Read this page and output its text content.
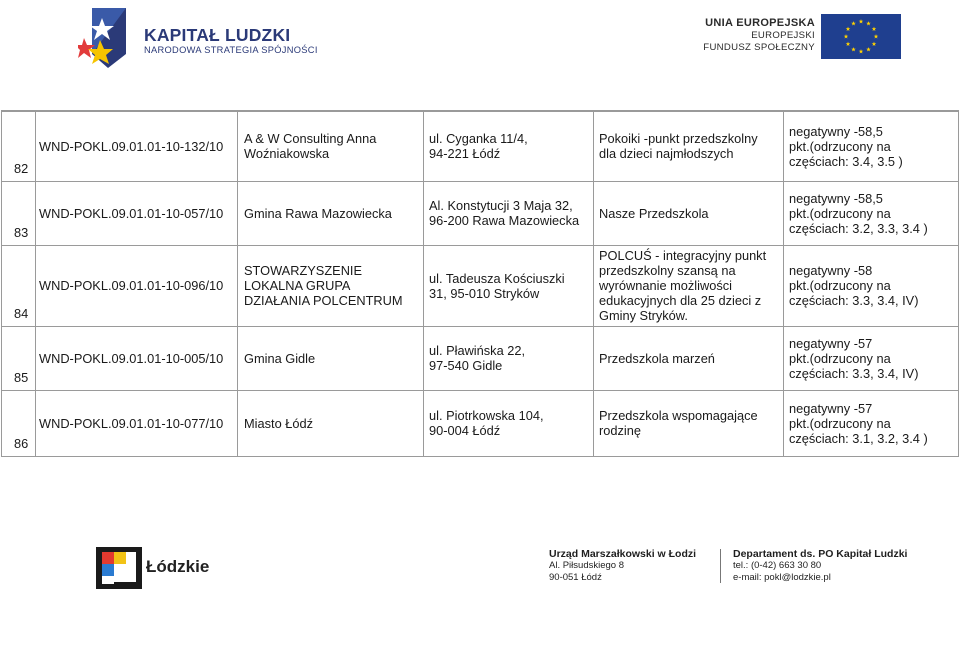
KAPITAŁ LUDZKI
NARODOWA STRATEGIA SPÓJNOŚCI
UNIA EUROPEJSKA
EUROPEJSKI
FUNDUSZ SPOŁECZNY
82	WND-POKL.09.01.01-10-132/10	A & W Consulting Anna
Woźniakowska	ul. Cyganka 11/4,
94-221 Łódź	Pokoiki -punkt przedszkolny
dla dzieci najmłodszych	negatywny -58,5
pkt.(odrzucony na
częściach: 3.4, 3.5 )
83	WND-POKL.09.01.01-10-057/10	Gmina Rawa Mazowiecka	Al. Konstytucji 3 Maja 32,
96-200 Rawa Mazowiecka	Nasze Przedszkola	negatywny -58,5
pkt.(odrzucony na
częściach: 3.2, 3.3, 3.4 )
84	WND-POKL.09.01.01-10-096/10	STOWARZYSZENIE
LOKALNA GRUPA
DZIAŁANIA POLCENTRUM	ul. Tadeusza Kościuszki
31, 95-010 Stryków	POLCUŚ - integracyjny punkt
przedszkolny szansą na
wyrównanie możliwości
edukacyjnych dla 25 dzieci z
Gminy Stryków.	negatywny -58
pkt.(odrzucony na
częściach: 3.3, 3.4, IV)
85	WND-POKL.09.01.01-10-005/10	Gmina Gidle	ul. Pławińska 22,
97-540 Gidle	Przedszkola marzeń	negatywny -57
pkt.(odrzucony na
częściach: 3.3, 3.4, IV)
86	WND-POKL.09.01.01-10-077/10	Miasto Łódź	ul. Piotrkowska 104,
90-004 Łódź	Przedszkola wspomagające
rodzinę	negatywny -57
pkt.(odrzucony na
częściach: 3.1, 3.2, 3.4 )
Łódzkie
Urząd Marszałkowski w Łodzi
Al. Piłsudskiego 8
90-051 Łódź
Departament ds. PO Kapitał Ludzki
tel.: (0-42) 663 30 80
e-mail: pokl@lodzkie.pl
